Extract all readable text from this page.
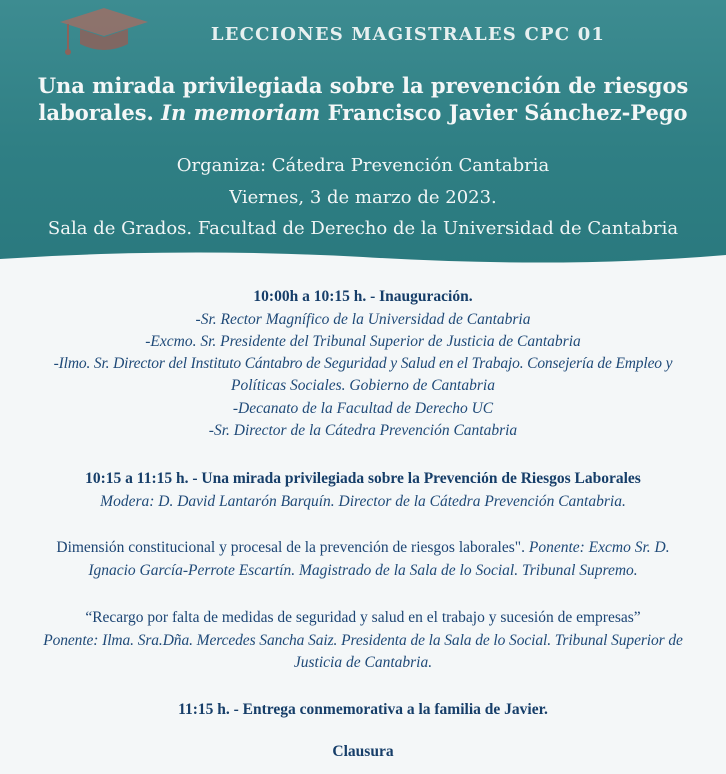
LECCIONES MAGISTRALES CPC 01
Una mirada privilegiada sobre la prevención de riesgos
laborales. In memoriam Francisco Javier Sánchez-Pego
Organiza: Cátedra Prevención Cantabria
Viernes, 3 de marzo de 2023.
Sala de Grados. Facultad de Derecho de la Universidad de Cantabria
10:00h a 10:15 h. - Inauguración.
-Sr. Rector Magnífico de la Universidad de Cantabria
-Excmo. Sr. Presidente del Tribunal Superior de Justicia de Cantabria
-Ilmo. Sr. Director del Instituto Cántabro de Seguridad y Salud en el Trabajo. Consejería de Empleo y
Políticas Sociales. Gobierno de Cantabria
-Decanato de la Facultad de Derecho UC
-Sr. Director de la Cátedra Prevención Cantabria
10:15 a 11:15 h. - Una mirada privilegiada sobre la Prevención de Riesgos Laborales
Modera: D. David Lantarón Barquín. Director de la Cátedra Prevención Cantabria.
Dimensión constitucional y procesal de la prevención de riesgos laborales". Ponente: Excmo Sr. D.
Ignacio García-Perrote Escartín. Magistrado de la Sala de lo Social. Tribunal Supremo.
“Recargo por falta de medidas de seguridad y salud en el trabajo y sucesión de empresas”
Ponente: Ilma. Sra.Dña. Mercedes Sancha Saiz. Presidenta de la Sala de lo Social. Tribunal Superior de
Justicia de Cantabria.
11:15 h. - Entrega conmemorativa a la familia de Javier.
Clausura
